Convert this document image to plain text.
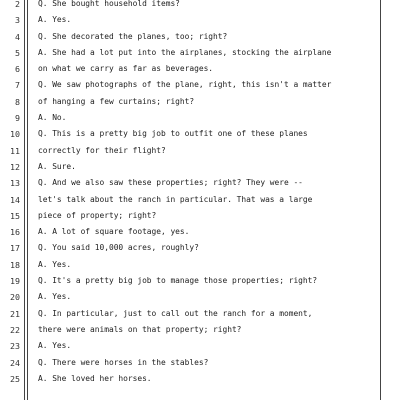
2 Q. She bought household items?
3 A. Yes.
4 Q. She decorated the planes, too; right?
5 A. She had a lot put into the airplanes, stocking the airplane
6 on what we carry as far as beverages.
7 Q. We saw photographs of the plane, right, this isn't a matter
8 of hanging a few curtains; right?
9 A. No.
10 Q. This is a pretty big job to outfit one of these planes
11 correctly for their flight?
12 A. Sure.
13 Q. And we also saw these properties; right? They were --
14 let's talk about the ranch in particular. That was a large
15 piece of property; right?
16 A. A lot of square footage, yes.
17 Q. You said 10,000 acres, roughly?
18 A. Yes.
19 Q. It's a pretty big job to manage those properties; right?
20 A. Yes.
21 Q. In particular, just to call out the ranch for a moment,
22 there were animals on that property; right?
23 A. Yes.
24 Q. There were horses in the stables?
25 A. She loved her horses.
